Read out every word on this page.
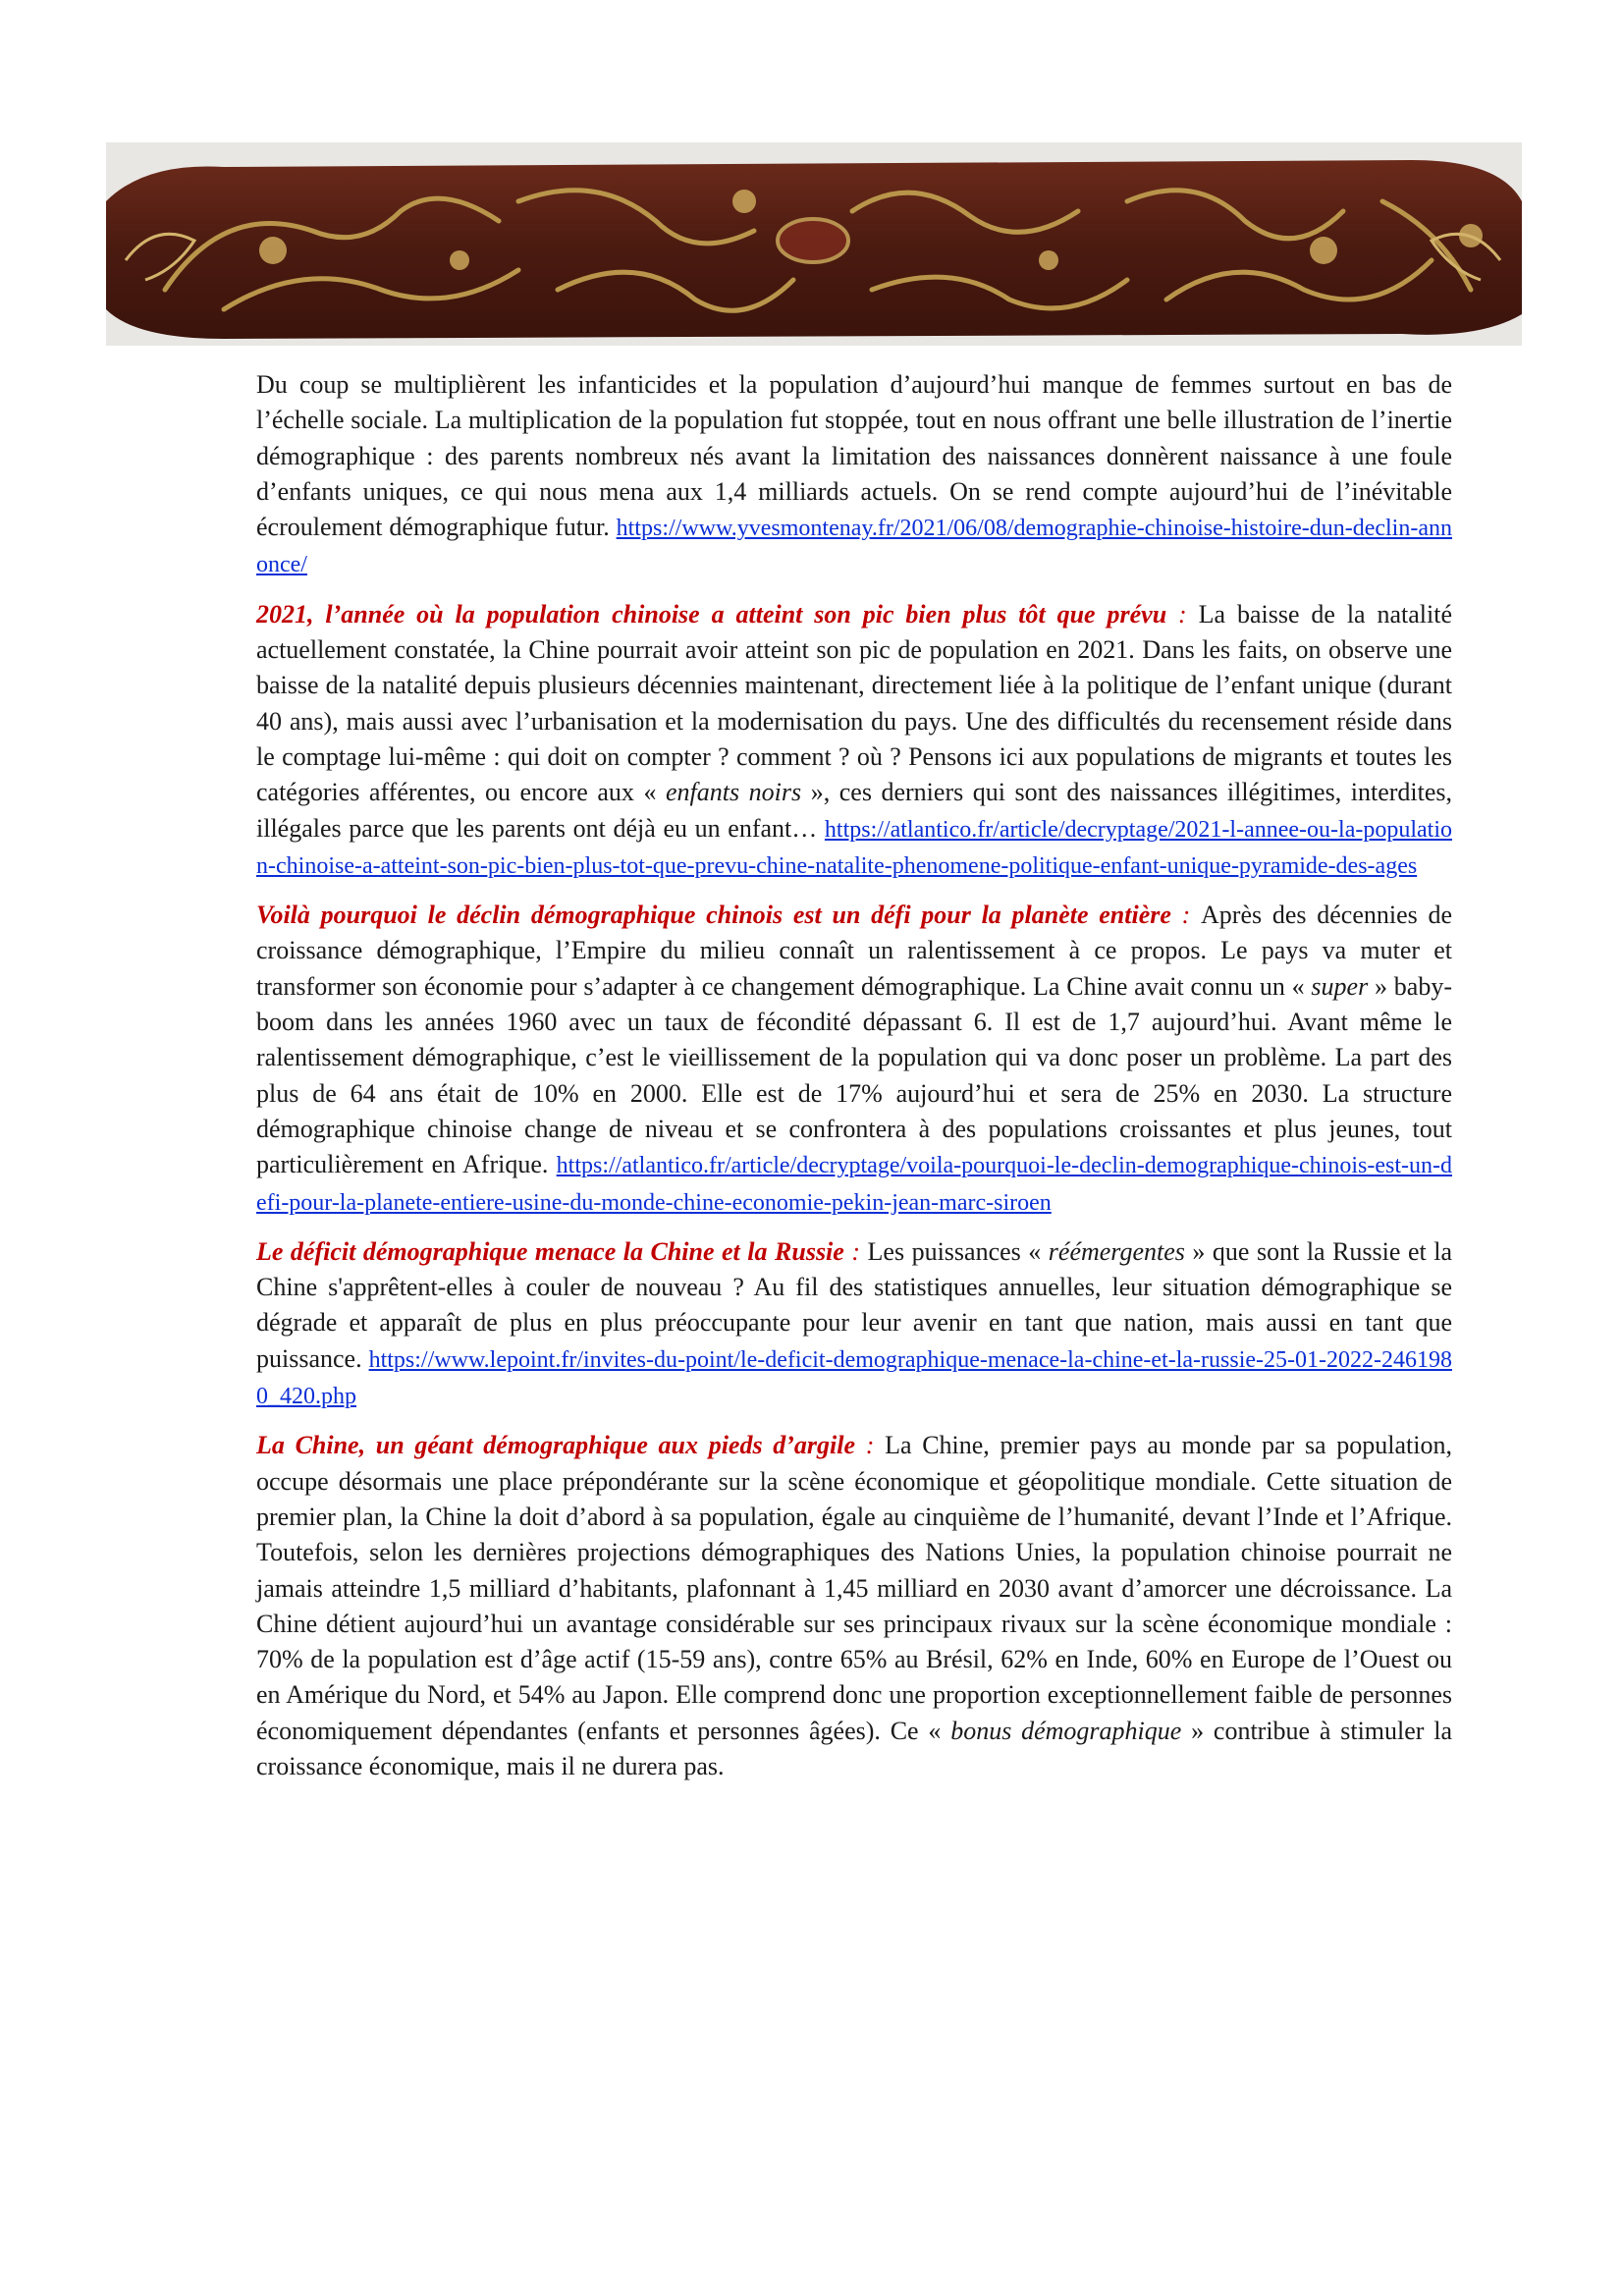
Du coup se multiplièrent les infanticides et la population d’aujourd’hui manque de femmes surtout en bas de l’échelle sociale. La multiplication de la population fut stoppée, tout en nous offrant une belle illustration de l’inertie démographique : des parents nombreux nés avant la limitation des naissances donnèrent naissance à une foule d’enfants uniques, ce qui nous mena aux 1,4 milliards actuels. On se rend compte aujourd’hui de l’inévitable écroulement démographique futur. https://www.yvesmontenay.fr/2021/06/08/demographie-chinoise-histoire-dun-declin-annonce/

2021, l’année où la population chinoise a atteint son pic bien plus tôt que prévu : La baisse de la natalité actuellement constatée, la Chine pourrait avoir atteint son pic de population en 2021. Dans les faits, on observe une baisse de la natalité depuis plusieurs décennies maintenant, directement liée à la politique de l’enfant unique (durant 40 ans), mais aussi avec l’urbanisation et la modernisation du pays. Une des difficultés du recensement réside dans le comptage lui-même : qui doit on compter ? comment ? où ? Pensons ici aux populations de migrants et toutes les catégories afférentes, ou encore aux « enfants noirs », ces derniers qui sont des naissances illégitimes, interdites, illégales parce que les parents ont déjà eu un enfant… https://atlantico.fr/article/decryptage/2021-l-annee-ou-la-population-chinoise-a-atteint-son-pic-bien-plus-tot-que-prevu-chine-natalite-phenomene-politique-enfant-unique-pyramide-des-ages

Voilà pourquoi le déclin démographique chinois est un défi pour la planète entière : Après des décennies de croissance démographique, l’Empire du milieu connaît un ralentissement à ce propos. Le pays va muter et transformer son économie pour s’adapter à ce changement démographique. La Chine avait connu un « super » baby-boom dans les années 1960 avec un taux de fécondité dépassant 6. Il est de 1,7 aujourd’hui. Avant même le ralentissement démographique, c’est le vieillissement de la population qui va donc poser un problème. La part des plus de 64 ans était de 10% en 2000. Elle est de 17% aujourd’hui et sera de 25% en 2030. La structure démographique chinoise change de niveau et se confrontera à des populations croissantes et plus jeunes, tout particulièrement en Afrique. https://atlantico.fr/article/decryptage/voila-pourquoi-le-declin-demographique-chinois-est-un-defi-pour-la-planete-entiere-usine-du-monde-chine-economie-pekin-jean-marc-siroen

Le déficit démographique menace la Chine et la Russie : Les puissances « réémergentes » que sont la Russie et la Chine s'apprêtent-elles à couler de nouveau ? Au fil des statistiques annuelles, leur situation démographique se dégrade et apparaît de plus en plus préoccupante pour leur avenir en tant que nation, mais aussi en tant que puissance. https://www.lepoint.fr/invites-du-point/le-deficit-demographique-menace-la-chine-et-la-russie-25-01-2022-2461980_420.php

La Chine, un géant démographique aux pieds d’argile : La Chine, premier pays au monde par sa population, occupe désormais une place prépondérante sur la scène économique et géopolitique mondiale. Cette situation de premier plan, la Chine la doit d’abord à sa population, égale au cinquième de l’humanité, devant l’Inde et l’Afrique. Toutefois, selon les dernières projections démographiques des Nations Unies, la population chinoise pourrait ne jamais atteindre 1,5 milliard d’habitants, plafonnant à 1,45 milliard en 2030 avant d’amorcer une décroissance. La Chine détient aujourd’hui un avantage considérable sur ses principaux rivaux sur la scène économique mondiale : 70% de la population est d’âge actif (15-59 ans), contre 65% au Brésil, 62% en Inde, 60% en Europe de l’Ouest ou en Amérique du Nord, et 54% au Japon. Elle comprend donc une proportion exceptionnellement faible de personnes économiquement dépendantes (enfants et personnes âgées). Ce « bonus démographique » contribue à stimuler la croissance économique, mais il ne durera pas.
